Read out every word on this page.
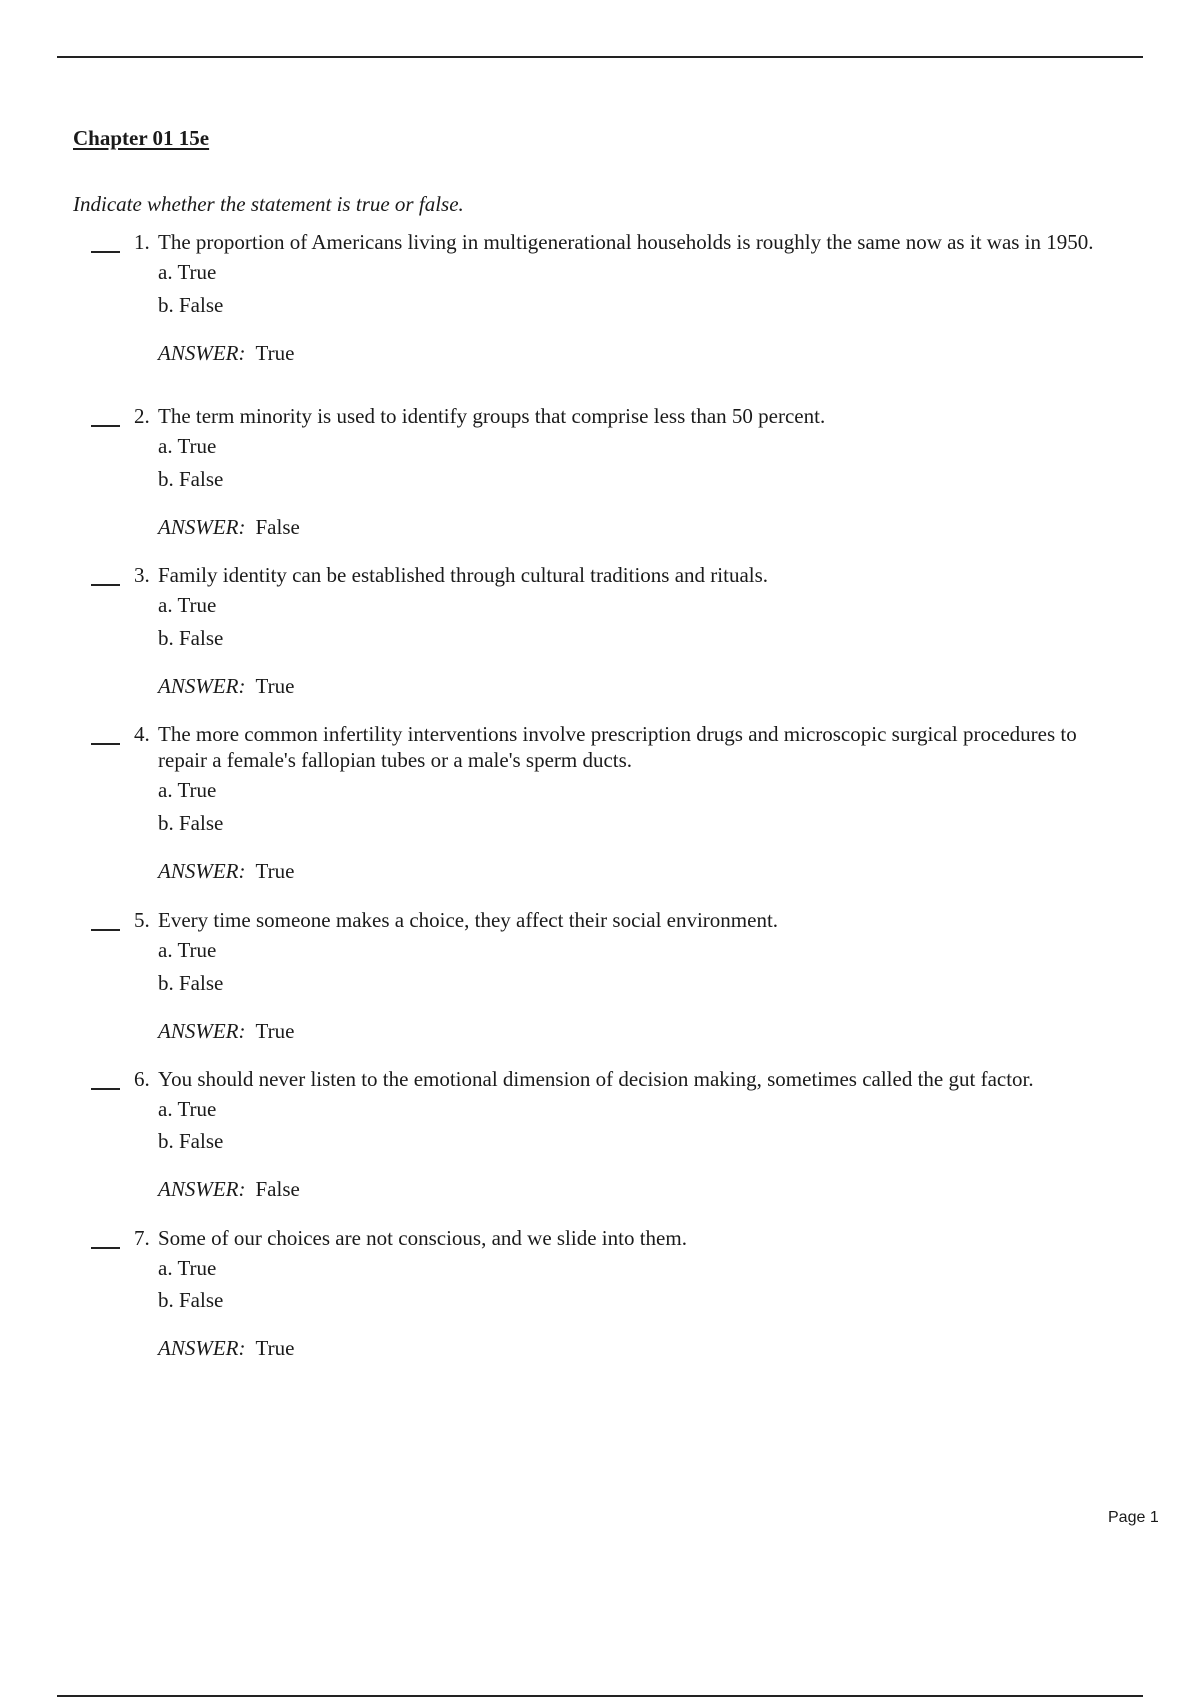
Chapter 01 15e

Indicate whether the statement is true or false.

1. The proportion of Americans living in multigenerational households is roughly the same now as it was in 1950.
a. True
b. False
ANSWER: True
2. The term minority is used to identify groups that comprise less than 50 percent.
a. True
b. False
ANSWER: False
3. Family identity can be established through cultural traditions and rituals.
a. True
b. False
ANSWER: True
4. The more common infertility interventions involve prescription drugs and microscopic surgical procedures to repair a female's fallopian tubes or a male's sperm ducts.
a. True
b. False
ANSWER: True
5. Every time someone makes a choice, they affect their social environment.
a. True
b. False
ANSWER: True
6. You should never listen to the emotional dimension of decision making, sometimes called the gut factor.
a. True
b. False
ANSWER: False
7. Some of our choices are not conscious, and we slide into them.
a. True
b. False
ANSWER: True
Page 1
